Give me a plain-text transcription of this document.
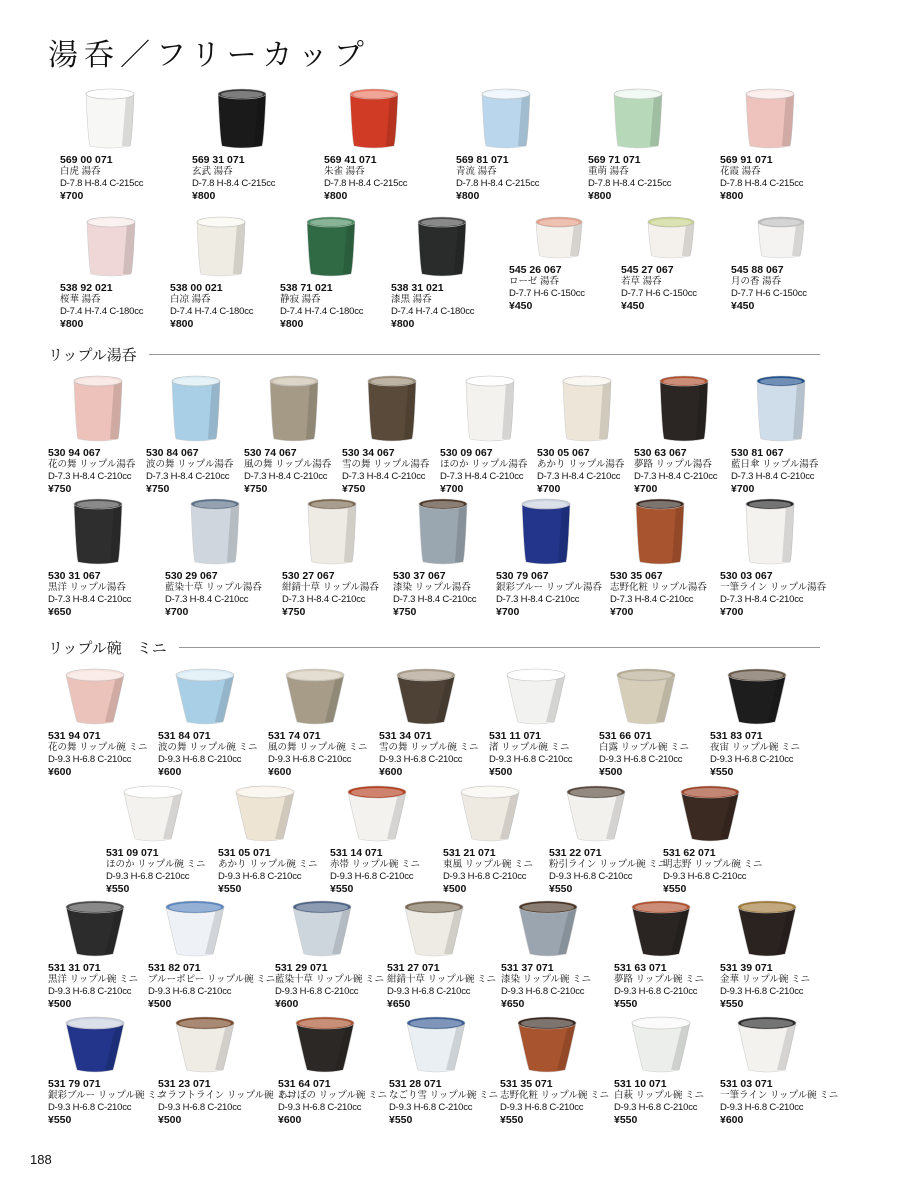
湯呑／フリーカップ
リップル湯呑
リップル碗　ミニ
569 00 071
白虎 湯呑
D-7.8 H-8.4 C-215cc
¥700
569 31 071
玄武 湯呑
D-7.8 H-8.4 C-215cc
¥800
569 41 071
朱雀 湯呑
D-7.8 H-8.4 C-215cc
¥800
569 81 071
青流 湯呑
D-7.8 H-8.4 C-215cc
¥800
569 71 071
重萌 湯呑
D-7.8 H-8.4 C-215cc
¥800
569 91 071
花霞 湯呑
D-7.8 H-8.4 C-215cc
¥800
538 92 021
桜華 湯呑
D-7.4 H-7.4 C-180cc
¥800
538 00 021
白凉 湯呑
D-7.4 H-7.4 C-180cc
¥800
538 71 021
静寂 湯呑
D-7.4 H-7.4 C-180cc
¥800
538 31 021
漆黒 湯呑
D-7.4 H-7.4 C-180cc
¥800
545 26 067
ローゼ 湯呑
D-7.7 H-6 C-150cc
¥450
545 27 067
若草 湯呑
D-7.7 H-6 C-150cc
¥450
545 88 067
月の香 湯呑
D-7.7 H-6 C-150cc
¥450
530 94 067
花の舞 リップル湯呑
D-7.3 H-8.4 C-210cc
¥750
530 84 067
波の舞 リップル湯呑
D-7.3 H-8.4 C-210cc
¥750
530 74 067
風の舞 リップル湯呑
D-7.3 H-8.4 C-210cc
¥750
530 34 067
雪の舞 リップル湯呑
D-7.3 H-8.4 C-210cc
¥750
530 09 067
ほのか リップル湯呑
D-7.3 H-8.4 C-210cc
¥700
530 05 067
あかり リップル湯呑
D-7.3 H-8.4 C-210cc
¥700
530 63 067
夢路 リップル湯呑
D-7.3 H-8.4 C-210cc
¥700
530 81 067
藍日傘 リップル湯呑
D-7.3 H-8.4 C-210cc
¥700
530 31 067
黒洋 リップル湯呑
D-7.3 H-8.4 C-210cc
¥650
530 29 067
藍染十草 リップル湯呑
D-7.3 H-8.4 C-210cc
¥700
530 27 067
紺錆十草 リップル湯呑
D-7.3 H-8.4 C-210cc
¥750
530 37 067
漆染 リップル湯呑
D-7.3 H-8.4 C-210cc
¥750
530 79 067
銀彩ブルー リップル湯呑
D-7.3 H-8.4 C-210cc
¥700
530 35 067
志野化粧 リップル湯呑
D-7.3 H-8.4 C-210cc
¥700
530 03 067
一筆ライン リップル湯呑
D-7.3 H-8.4 C-210cc
¥700
531 94 071
花の舞 リップル碗 ミニ
D-9.3 H-6.8 C-210cc
¥600
531 84 071
波の舞 リップル碗 ミニ
D-9.3 H-6.8 C-210cc
¥600
531 74 071
風の舞 リップル碗 ミニ
D-9.3 H-6.8 C-210cc
¥600
531 34 071
雪の舞 リップル碗 ミニ
D-9.3 H-6.8 C-210cc
¥600
531 11 071
渚 リップル碗 ミニ
D-9.3 H-6.8 C-210cc
¥500
531 66 071
白露 リップル碗 ミニ
D-9.3 H-6.8 C-210cc
¥500
531 83 071
夜宙 リップル碗 ミニ
D-9.3 H-6.8 C-210cc
¥550
531 09 071
ほのか リップル碗 ミニ
D-9.3 H-6.8 C-210cc
¥550
531 05 071
あかり リップル碗 ミニ
D-9.3 H-6.8 C-210cc
¥550
531 14 071
赤帯 リップル碗 ミニ
D-9.3 H-6.8 C-210cc
¥550
531 21 071
東風 リップル碗 ミニ
D-9.3 H-6.8 C-210cc
¥500
531 22 071
粉引ライン リップル碗 ミニ
D-9.3 H-6.8 C-210cc
¥550
531 62 071
明志野 リップル碗 ミニ
D-9.3 H-6.8 C-210cc
¥550
531 31 071
黒洋 リップル碗 ミニ
D-9.3 H-6.8 C-210cc
¥500
531 82 071
ブルーポピー リップル碗 ミニ
D-9.3 H-6.8 C-210cc
¥500
531 29 071
藍染十草 リップル碗 ミニ
D-9.3 H-6.8 C-210cc
¥600
531 27 071
紺錆十草 リップル碗 ミニ
D-9.3 H-6.8 C-210cc
¥650
531 37 071
漆染 リップル碗 ミニ
D-9.3 H-6.8 C-210cc
¥650
531 63 071
夢路 リップル碗 ミニ
D-9.3 H-6.8 C-210cc
¥550
531 39 071
金華 リップル碗 ミニ
D-9.3 H-6.8 C-210cc
¥550
531 79 071
銀彩ブルー リップル碗 ミニ
D-9.3 H-6.8 C-210cc
¥550
531 23 071
クラフトライン リップル碗 ミニ
D-9.3 H-6.8 C-210cc
¥500
531 64 071
あけぼの リップル碗 ミニ
D-9.3 H-6.8 C-210cc
¥600
531 28 071
なごり雪 リップル碗 ミニ
D-9.3 H-6.8 C-210cc
¥550
531 35 071
志野化粧 リップル碗 ミニ
D-9.3 H-6.8 C-210cc
¥550
531 10 071
白萩 リップル碗 ミニ
D-9.3 H-6.8 C-210cc
¥550
531 03 071
一筆ライン リップル碗 ミニ
D-9.3 H-6.8 C-210cc
¥600
188
